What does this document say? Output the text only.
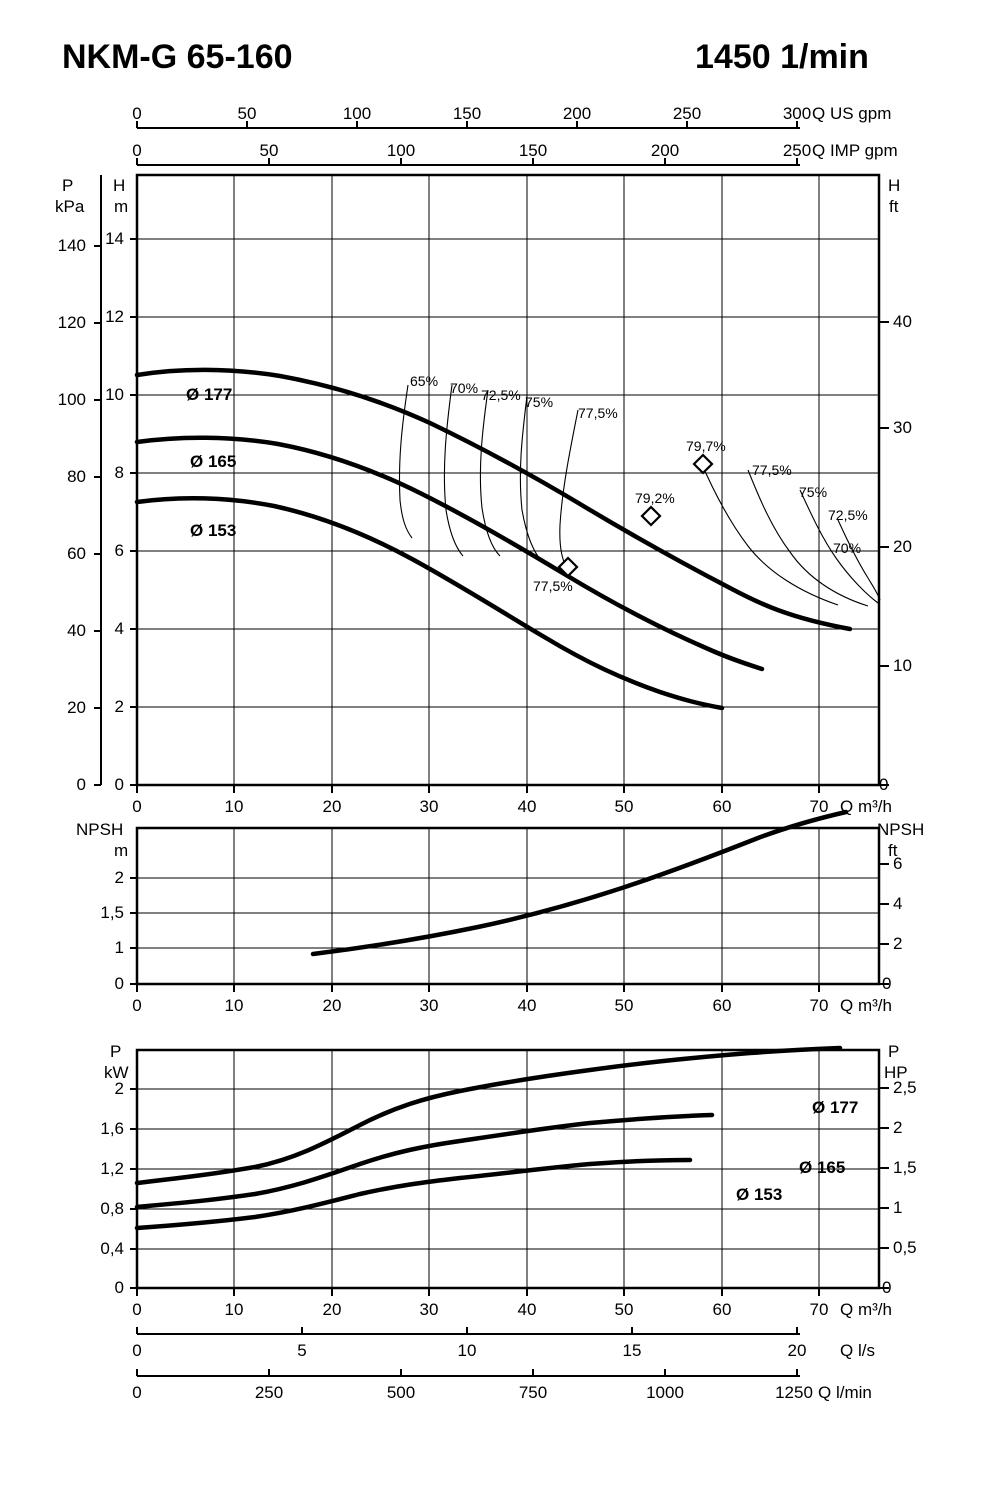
NKM-G 65-160	1450 1/min
0	50	100	150	200	250	300 Q US gpm
0	50	100	150	200	250 Q IMP gpm
P
kPa
H
m
H
ft
140
120
100
80
60
40
20
0
14
12
10
8
6
4
2
0
40
30
20
10
0
0	10	20	30	40	50	60	70 Q m³/h
Ø 177
Ø 165
Ø 153
65% 70% 72,5% 75%
77,5%
79,7%
77,5%
75%
72,5%
70%
79,2%
77,5%
NPSH
m
NPSH
ft
2
1,5
1
0
6
4
2
0
0	10	20	30	40	50	60	70 Q m³/h
P
kW
P
HP
2
1,6
1,2
0,8
0,4
0
2,5
2
1,5
1
0,5
0
0	10	20	30	40	50	60	70 Q m³/h
Ø 177
Ø 165
Ø 153
0	5	10	15	20	Q l/s
0	250	500	750	1000	1250 Q l/min
